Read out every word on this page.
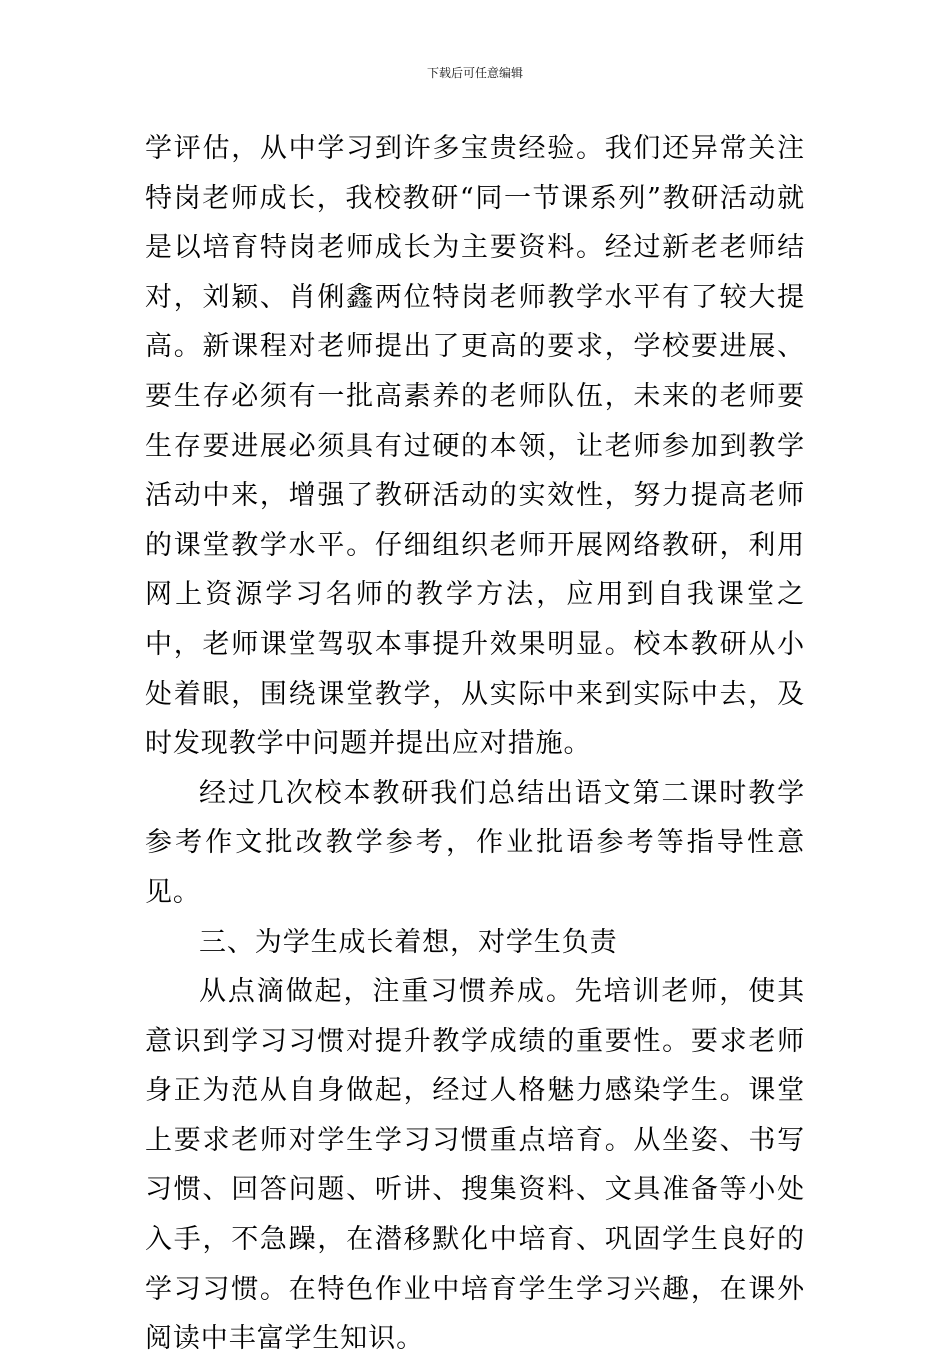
下载后可任意编辑

学评估，从中学习到许多宝贵经验。我们还异常关注特岗老师成长，我校教研“同一节课系列”教研活动就是以培育特岗老师成长为主要资料。经过新老老师结对，刘颖、肖俐鑫两位特岗老师教学水平有了较大提高。新课程对老师提出了更高的要求，学校要进展、要生存必须有一批高素养的老师队伍，未来的老师要生存要进展必须具有过硬的本领，让老师参加到教学活动中来，增强了教研活动的实效性，努力提高老师的课堂教学水平。仔细组织老师开展网络教研，利用网上资源学习名师的教学方法，应用到自我课堂之中，老师课堂驾驭本事提升效果明显。校本教研从小处着眼，围绕课堂教学，从实际中来到实际中去，及时发现教学中问题并提出应对措施。

经过几次校本教研我们总结出语文第二课时教学参考作文批改教学参考，作业批语参考等指导性意见。

三、为学生成长着想，对学生负责

从点滴做起，注重习惯养成。先培训老师，使其意识到学习习惯对提升教学成绩的重要性。要求老师身正为范从自身做起，经过人格魅力感染学生。课堂上要求老师对学生学习习惯重点培育。从坐姿、书写习惯、回答问题、听讲、搜集资料、文具准备等小处入手，不急躁，在潜移默化中培育、巩固学生良好的学习习惯。在特色作业中培育学生学习兴趣，在课外阅读中丰富学生知识。
